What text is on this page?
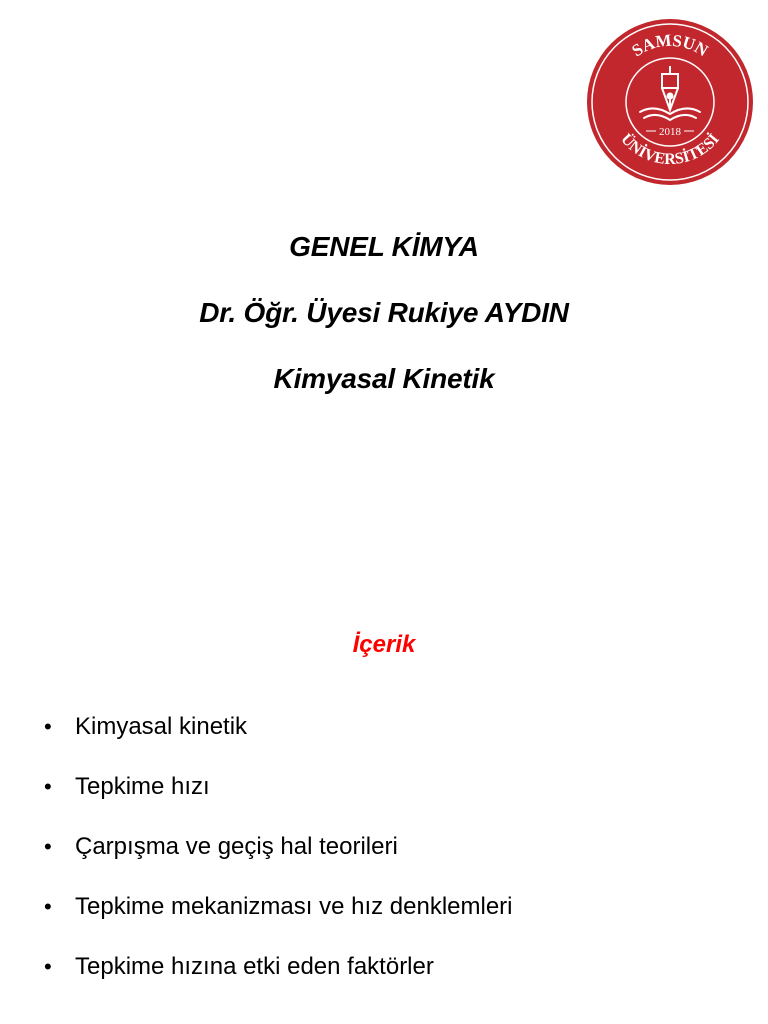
SAMSUN
ÜNİVERSİTESİ
2018
GENEL KİMYA
Dr. Öğr. Üyesi Rukiye AYDIN
Kimyasal Kinetik
İçerik
• Kimyasal kinetik
• Tepkime hızı
• Çarpışma ve geçiş hal teorileri
• Tepkime mekanizması ve hız denklemleri
• Tepkime hızına etki eden faktörler
